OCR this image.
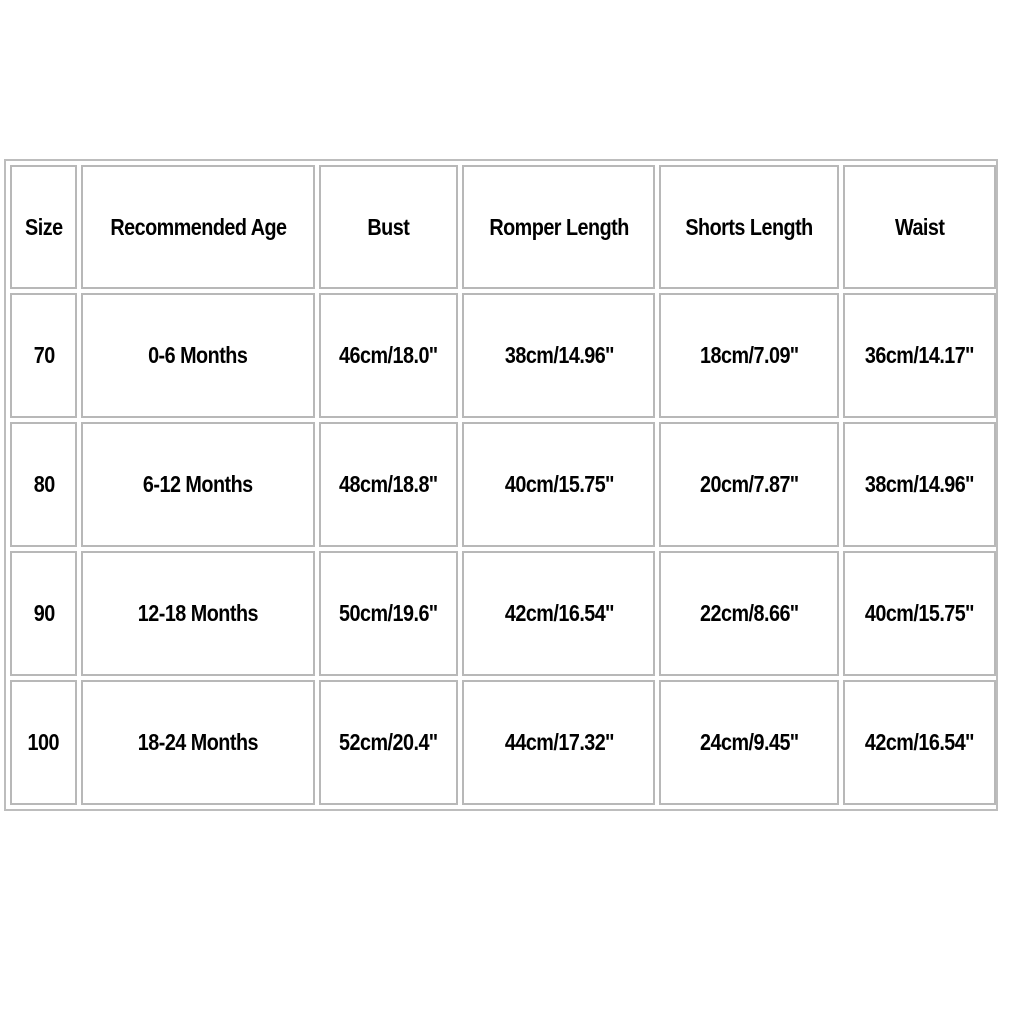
Size	Recommended Age	Bust	Romper Length	Shorts Length	Waist
70	0-6 Months	46cm/18.0''	38cm/14.96''	18cm/7.09''	36cm/14.17''
80	6-12 Months	48cm/18.8''	40cm/15.75''	20cm/7.87''	38cm/14.96''
90	12-18 Months	50cm/19.6''	42cm/16.54''	22cm/8.66''	40cm/15.75''
100	18-24 Months	52cm/20.4''	44cm/17.32''	24cm/9.45''	42cm/16.54''
